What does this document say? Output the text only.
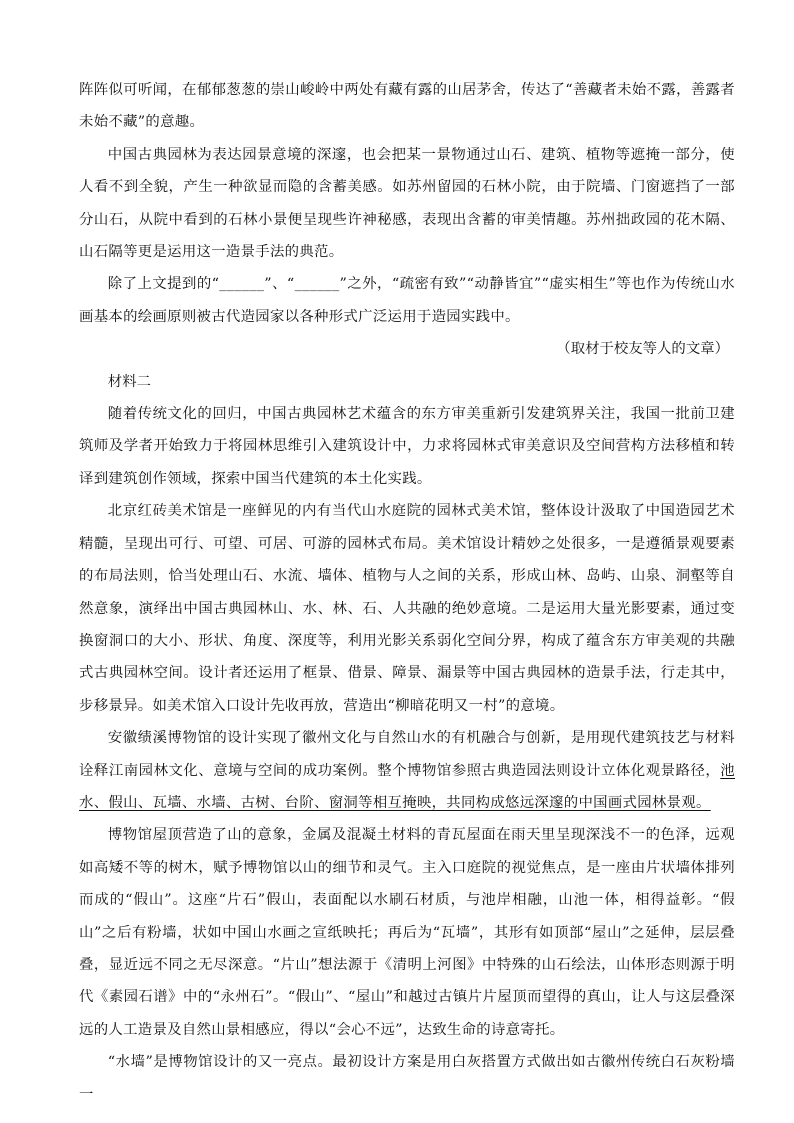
阵阵似可听闻，在郁郁葱葱的崇山峻岭中两处有藏有露的山居茅舍，传达了“善藏者未始不露，善露者未始不藏”的意趣。

中国古典园林为表达园景意境的深邃，也会把某一景物通过山石、建筑、植物等遮掩一部分，使人看不到全貌，产生一种欲显而隐的含蓄美感。如苏州留园的石林小院，由于院墙、门窗遮挡了一部分山石，从院中看到的石林小景便呈现些许神秘感，表现出含蓄的审美情趣。苏州拙政园的花木隔、山石隔等更是运用这一造景手法的典范。

除了上文提到的“______”、“______”之外，“疏密有致”“动静皆宜”“虚实相生”等也作为传统山水画基本的绘画原则被古代造园家以各种形式广泛运用于造园实践中。

（取材于校友等人的文章）

材料二

随着传统文化的回归，中国古典园林艺术蕴含的东方审美重新引发建筑界关注，我国一批前卫建筑师及学者开始致力于将园林思维引入建筑设计中，力求将园林式审美意识及空间营构方法移植和转译到建筑创作领域，探索中国当代建筑的本土化实践。

北京红砖美术馆是一座鲜见的内有当代山水庭院的园林式美术馆，整体设计汲取了中国造园艺术精髓，呈现出可行、可望、可居、可游的园林式布局。美术馆设计精妙之处很多，一是遵循景观要素的布局法则，恰当处理山石、水流、墙体、植物与人之间的关系，形成山林、岛屿、山泉、洞壑等自然意象，演绎出中国古典园林山、水、林、石、人共融的绝妙意境。二是运用大量光影要素，通过变换窗洞口的大小、形状、角度、深度等，利用光影关系弱化空间分界，构成了蕴含东方审美观的共融式古典园林空间。设计者还运用了框景、借景、障景、漏景等中国古典园林的造景手法，行走其中，步移景异。如美术馆入口设计先收再放，营造出“柳暗花明又一村”的意境。

安徽绩溪博物馆的设计实现了徽州文化与自然山水的有机融合与创新，是用现代建筑技艺与材料诠释江南园林文化、意境与空间的成功案例。整个博物馆参照古典造园法则设计立体化观景路径，池水、假山、瓦墙、水墙、古树、台阶、窗洞等相互掩映，共同构成悠远深邃的中国画式园林景观。

博物馆屋顶营造了山的意象，金属及混凝土材料的青瓦屋面在雨天里呈现深浅不一的色泽，远观如高矮不等的树木，赋予博物馆以山的细节和灵气。主入口庭院的视觉焦点，是一座由片状墙体排列而成的“假山”。这座“片石”假山，表面配以水刷石材质，与池岸相融，山池一体，相得益彰。“假山”之后有粉墙，状如中国山水画之宣纸映托；再后为“瓦墙”，其形有如顶部“屋山”之延伸，层层叠叠，显近远不同之无尽深意。“片山”想法源于《清明上河图》中特殊的山石绘法，山体形态则源于明代《素园石谱》中的“永州石”。“假山”、“屋山”和越过古镇片片屋顶而望得的真山，让人与这层叠深远的人工造景及自然山景相感应，得以“会心不远”，达致生命的诗意寄托。

“水墙”是博物馆设计的又一亮点。最初设计方案是用白灰搭置方式做出如古徽州传统白石灰粉墙一
